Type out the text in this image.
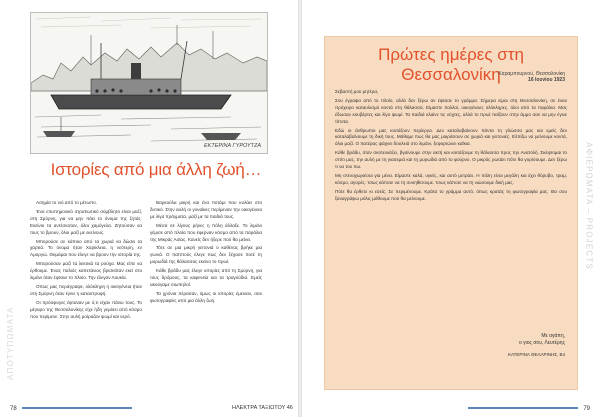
ΕΚΤΕΡΙΝΑ ΓΥΡΟΥΤΖΑ
Ιστορίες από μια άλλη ζωή…

Ασημία το νιό από το μέτωπο.

Ένα επιστημονικό στρατιωτικό σύμβλητο είναι μαζί, στη Σμύρνη, για να μην πάει το όνομα της ζητάς. Εκείνοι τα αντέσκοταν, όλοι χαμόγελα. Ζητούσαν να τους το βρουν, όλοι μαζί με εκείνους.

Μπορούσε σε κάποιο από τα χωριά να δώσει τα χαρτιά. Το όνομα ήταν Χαρίκλεια, η νεότερη, εν Αμοργώ. Θυμάμαι που έλεγε να βρουν την ιστορία της.

Μπορούσαν μαζί τα λεκτικά τα ρούχα. Μας είπε να έρθουμε. Ένας παλιός καπετάνιος βρισκόταν εκεί στο λιμάνι όταν έφτανε το πλοίο. Την έλεγαν Λουκία.

Οπως μας περιέγραψε, ολόκληρη η οικογένεια ήταν στη Σμύρνη όταν έγινε η καταστροφή.

Οι πρόσφυγες έφταναν με ό,τι είχαν πάνω τους. Το μέγαρο της Θεσσαλονίκης είχε ήδη γεμίσει από κόσμο που περίμενε. Στην αυλή μοίραζαν ψωμί και νερό.

Βαρκούλα μικρή και ένα ποτάμι που κυλάει στο δυτικό. Στην αυλή οι γυναίκες περίμεναν την οικογένεια με λίγα πράγματα, μαζί με τα παιδιά τους.

Μέσα σε λίγους μήνες η πόλη άλλαξε. Το λιμάνι γέμισε από πλοία που έφερναν κόσμο από τα παράλια της Μικράς Ασίας. Κανείς δεν ήξερε πού θα μείνει.

Τότε σε μια μικρή γειτονιά ο καθένας βρήκε μια γωνιά. Ο παππούς έλεγε πως δεν ξέχασε ποτέ τη μυρωδιά της θάλασσας εκείνο το πρωί.

Κάθε βράδυ μας έλεγε ιστορίες από τη Σμύρνη, για τους δρόμους, τα καφενεία και τα τραγούδια. Εμείς ακούγαμε σιωπηλοί.

Τα χρόνια πέρασαν, όμως οι ιστορίες έμειναν, σαν φωτογραφίες από μια άλλη ζωή.

ΑΠΟΤΥΠΩΜΑΤΑ
78
Πρώτες ημέρες στη Θεσσαλονίκη
Καραμπουρνού, Θεσσαλονίκη
16 Ιουνίου 1923

Σεβαστή μου μητέρα,

Σου έγραψα από το πλοίο, αλλά δεν ξέρω αν έφτασε το γράμμα. Σήμερα είμαι στη Θεσσαλονίκη, σε έναν πρόχειρο καταυλισμό κοντά στη θάλασσα. Είμαστε πολλοί, οικογένειες ολόκληρες, όλοι από τα παράλια. Μας έδωσαν κουβέρτες και λίγο ψωμί. Τα παιδιά κλαίνε τις νύχτες, αλλά το πρωί παίζουν στην άμμο σαν να μην έγινε τίποτα.

Εδώ οι άνθρωποι μας κοιτάζουν περίεργα. Δεν καταλαβαίνουν πάντα τη γλώσσα μας και εμείς δεν καταλαβαίνουμε τη δική τους. Μάθαμε πως θα μας μοιράσουν σε χωριά και γειτονιές. Ελπίζω να μείνουμε κοντά, όλοι μαζί. Ο πατέρας ψάχνει δουλειά στο λιμάνι, ξεφορτώνει καΐκια.

Κάθε βράδυ, όταν σκοτεινιάζει, βγαίνουμε στην ακτή και κοιτάζουμε τη θάλασσα προς την Ανατολή. Σκέφτομαι το σπίτι μας, την αυλή με τη γιασεμιά και τη μυρωδιά από το φούρνο. Ο μικρός ρωτάει πότε θα γυρίσουμε. Δεν ξέρω τι να του πω.

Μη στενοχωριέσαι για μένα. Είμαστε καλά, υγιείς, και αυτό μετράει. Η πόλη είναι μεγάλη και έχει θόρυβο, τραμ, κόσμο, αγορές. Ίσως κάποτε να τη συνηθίσουμε. Ίσως κάποτε να τη νιώσουμε δική μας.

Πότε θα έρθετε κι εσείς; Σε περιμένουμε. Κράτα το γράμμα αυτό, όπως κρατάς τη φωτογραφία μας. Θα σου ξαναγράψω μόλις μάθουμε πού θα μείνουμε.

Με αγάπη,
ο γιος σου, Λευτέρης
ΚΑΤΕΡΙΝΑ ΘΕΛΑΡΙΝΗΣ, Β4
ΑΦΙΕΡΩΜΑΤΑ – PROJECTS
79
ΗΛΕΚΤΡΑ ΤΑΞΙΩΤΟΥ 46
